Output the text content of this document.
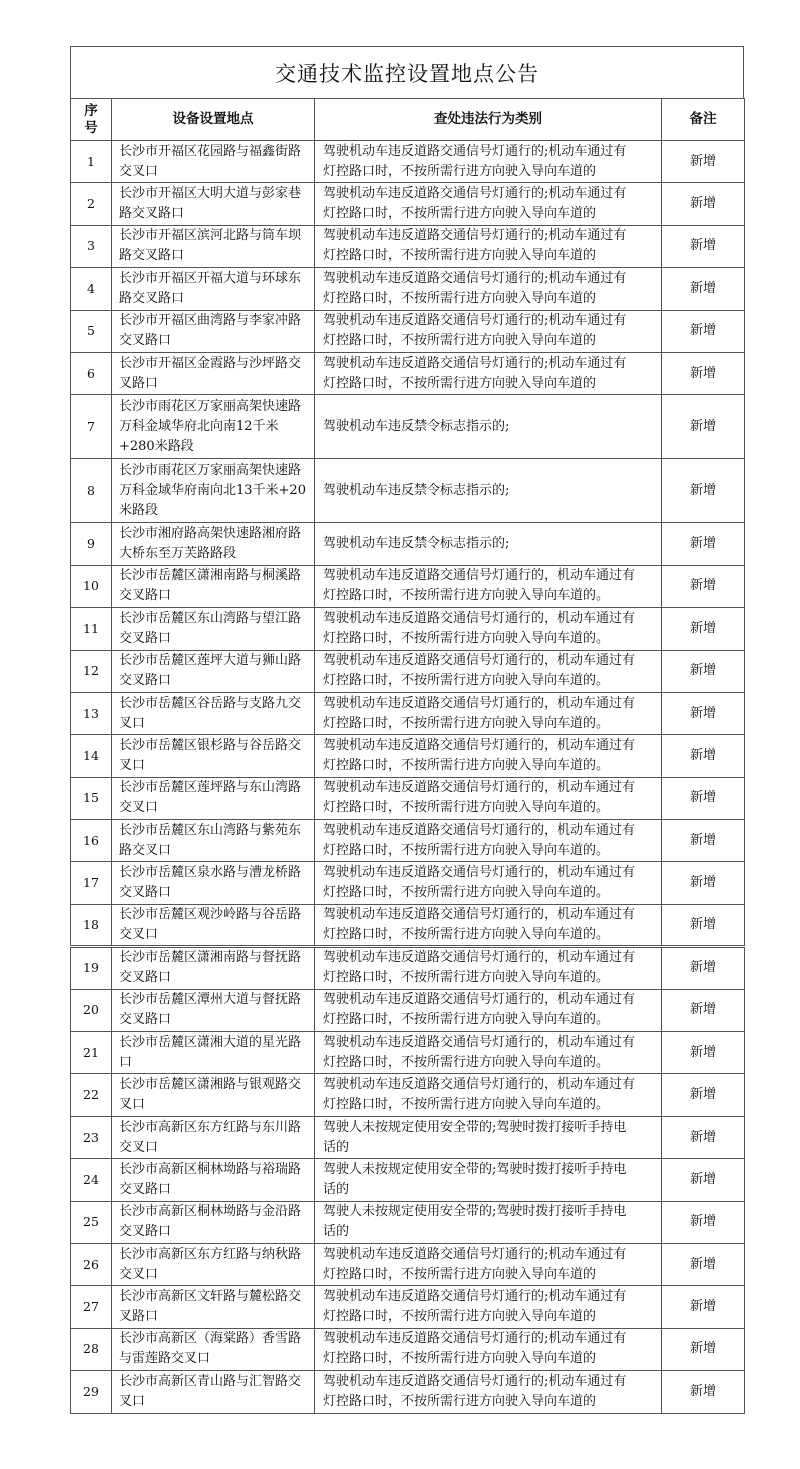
交通技术监控设置地点公告
序号	设备设置地点	查处违法行为类别	备注
1	长沙市开福区花园路与福鑫街路交叉口	驾驶机动车违反道路交通信号灯通行的;机动车通过有
灯控路口时，不按所需行进方向驶入导向车道的	新增
2	长沙市开福区大明大道与彭家巷路交叉路口	驾驶机动车违反道路交通信号灯通行的;机动车通过有
灯控路口时，不按所需行进方向驶入导向车道的	新增
3	长沙市开福区滨河北路与筒车坝路交叉路口	驾驶机动车违反道路交通信号灯通行的;机动车通过有
灯控路口时，不按所需行进方向驶入导向车道的	新增
4	长沙市开福区开福大道与环球东路交叉路口	驾驶机动车违反道路交通信号灯通行的;机动车通过有
灯控路口时，不按所需行进方向驶入导向车道的	新增
5	长沙市开福区曲湾路与李家冲路交叉路口	驾驶机动车违反道路交通信号灯通行的;机动车通过有
灯控路口时，不按所需行进方向驶入导向车道的	新增
6	长沙市开福区金霞路与沙坪路交叉路口	驾驶机动车违反道路交通信号灯通行的;机动车通过有
灯控路口时，不按所需行进方向驶入导向车道的	新增
7	长沙市雨花区万家丽高架快速路万科金域华府北向南12千米+280米路段	驾驶机动车违反禁令标志指示的;	新增
8	长沙市雨花区万家丽高架快速路万科金域华府南向北13千米+20米路段	驾驶机动车违反禁令标志指示的;	新增
9	长沙市湘府路高架快速路湘府路大桥东至万芙路路段	驾驶机动车违反禁令标志指示的;	新增
10	长沙市岳麓区潇湘南路与桐溪路交叉路口	驾驶机动车违反道路交通信号灯通行的，机动车通过有
灯控路口时，不按所需行进方向驶入导向车道的。	新增
11	长沙市岳麓区东山湾路与望江路交叉路口	驾驶机动车违反道路交通信号灯通行的，机动车通过有
灯控路口时，不按所需行进方向驶入导向车道的。	新增
12	长沙市岳麓区莲坪大道与狮山路交叉路口	驾驶机动车违反道路交通信号灯通行的，机动车通过有
灯控路口时，不按所需行进方向驶入导向车道的。	新增
13	长沙市岳麓区谷岳路与支路九交叉口	驾驶机动车违反道路交通信号灯通行的，机动车通过有
灯控路口时，不按所需行进方向驶入导向车道的。	新增
14	长沙市岳麓区银杉路与谷岳路交叉口	驾驶机动车违反道路交通信号灯通行的，机动车通过有
灯控路口时，不按所需行进方向驶入导向车道的。	新增
15	长沙市岳麓区莲坪路与东山湾路交叉口	驾驶机动车违反道路交通信号灯通行的，机动车通过有
灯控路口时，不按所需行进方向驶入导向车道的。	新增
16	长沙市岳麓区东山湾路与紫苑东路交叉口	驾驶机动车违反道路交通信号灯通行的，机动车通过有
灯控路口时，不按所需行进方向驶入导向车道的。	新增
17	长沙市岳麓区泉水路与漕龙桥路交叉路口	驾驶机动车违反道路交通信号灯通行的，机动车通过有
灯控路口时，不按所需行进方向驶入导向车道的。	新增
18	长沙市岳麓区观沙岭路与谷岳路交叉口	驾驶机动车违反道路交通信号灯通行的，机动车通过有
灯控路口时，不按所需行进方向驶入导向车道的。	新增
19	长沙市岳麓区潇湘南路与督抚路交叉路口	驾驶机动车违反道路交通信号灯通行的，机动车通过有
灯控路口时，不按所需行进方向驶入导向车道的。	新增
20	长沙市岳麓区潭州大道与督抚路交叉路口	驾驶机动车违反道路交通信号灯通行的，机动车通过有
灯控路口时，不按所需行进方向驶入导向车道的。	新增
21	长沙市岳麓区潇湘大道的星光路口	驾驶机动车违反道路交通信号灯通行的，机动车通过有
灯控路口时，不按所需行进方向驶入导向车道的。	新增
22	长沙市岳麓区潇湘路与银观路交叉口	驾驶机动车违反道路交通信号灯通行的，机动车通过有
灯控路口时，不按所需行进方向驶入导向车道的。	新增
23	长沙市高新区东方红路与东川路交叉口	驾驶人未按规定使用安全带的;驾驶时拨打接听手持电
话的	新增
24	长沙市高新区桐林坳路与裕瑞路交叉路口	驾驶人未按规定使用安全带的;驾驶时拨打接听手持电
话的	新增
25	长沙市高新区桐林坳路与金沿路交叉路口	驾驶人未按规定使用安全带的;驾驶时拨打接听手持电
话的	新增
26	长沙市高新区东方红路与纳秋路交叉口	驾驶机动车违反道路交通信号灯通行的;机动车通过有
灯控路口时，不按所需行进方向驶入导向车道的	新增
27	长沙市高新区文轩路与麓松路交叉路口	驾驶机动车违反道路交通信号灯通行的;机动车通过有
灯控路口时，不按所需行进方向驶入导向车道的	新增
28	长沙市高新区（海棠路）香雪路与雷莲路交叉口	驾驶机动车违反道路交通信号灯通行的;机动车通过有
灯控路口时，不按所需行进方向驶入导向车道的	新增
29	长沙市高新区青山路与汇智路交叉口	驾驶机动车违反道路交通信号灯通行的;机动车通过有
灯控路口时，不按所需行进方向驶入导向车道的	新增
